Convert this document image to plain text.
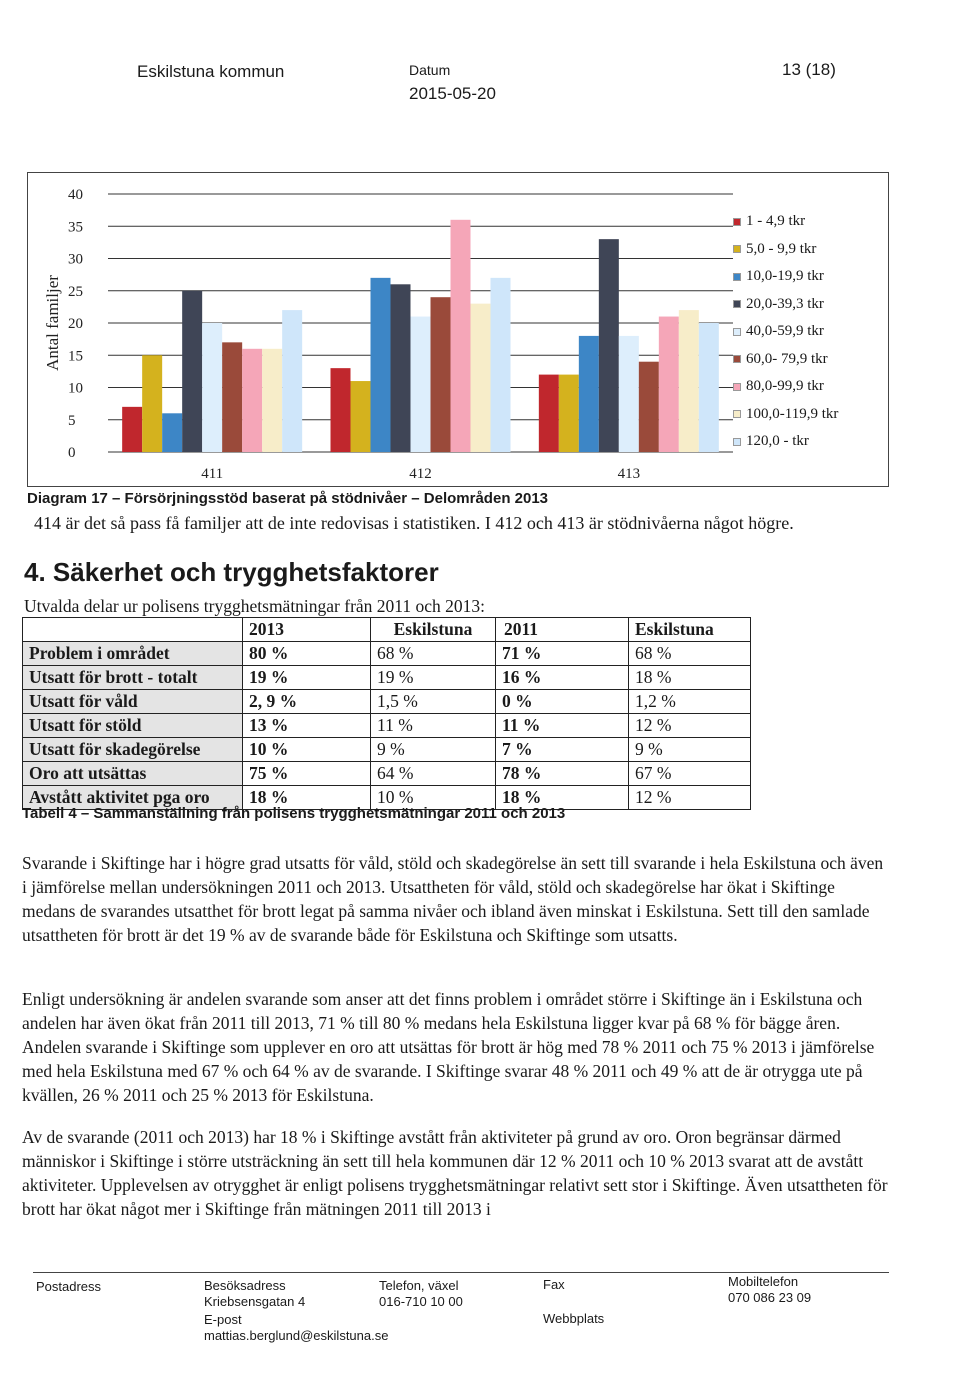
Eskilstuna kommun	Datum
2015-05-20
13 (18)
40
35
30
25
20
15
10
5
0
Antal familjer
411	412	413
1 - 4,9 tkr
5,0 - 9,9 tkr
10,0-19,9 tkr
20,0-39,3 tkr
40,0-59,9 tkr
60,0- 79,9 tkr
80,0-99,9 tkr
100,0-119,9 tkr
120,0 - tkr
Diagram 17 – Försörjningsstöd baserat på stödnivåer – Delområden 2013
414 är det så pass få familjer att de inte redovisas i statistiken. I 412 och 413 är stödnivåerna något högre.
4. Säkerhet och trygghetsfaktorer
Utvalda delar ur polisens trygghetsmätningar från 2011 och 2013:
	2013	Eskilstuna	2011	Eskilstuna
Problem i området	80 %	68 %	71 %	68 %
Utsatt för brott - totalt	19 %	19 %	16 %	18 %
Utsatt för våld	2, 9 %	1,5 %	0 %	1,2 %
Utsatt för stöld	13 %	11 %	11 %	12 %
Utsatt för skadegörelse	10 %	9 %	7 %	9 %
Oro att utsättas	75 %	64 %	78 %	67 %
Avstått aktivitet pga oro	18 %	10 %	18 %	12 %
Tabell 4 – Sammanställning från polisens trygghetsmätningar 2011 och 2013

Svarande i Skiftinge har i högre grad utsatts för våld, stöld och skadegörelse än sett till svarande i hela Eskilstuna och även i jämförelse mellan undersökningen 2011 och 2013. Utsattheten för våld, stöld och skadegörelse har ökat i Skiftinge medans de svarandes utsatthet för brott legat på samma nivåer och ibland även minskat i Eskilstuna. Sett till den samlade utsattheten för brott är det 19 % av de svarande både för Eskilstuna och Skiftinge som utsatts.

Enligt undersökning är andelen svarande som anser att det finns problem i området större i Skiftinge än i Eskilstuna och andelen har även ökat från 2011 till 2013, 71 % till 80 % medans hela Eskilstuna ligger kvar på 68 % för bägge åren. Andelen svarande i Skiftinge som upplever en oro att utsättas för brott är hög med 78 % 2011 och 75 % 2013 i jämförelse med hela Eskilstuna med 67 % och 64 % av de svarande. I Skiftinge svarar 48 % 2011 och 49 % att de är otrygga ute på kvällen, 26 % 2011 och 25 % 2013 för Eskilstuna.

Av de svarande (2011 och 2013) har 18 % i Skiftinge avstått från aktiviteter på grund av oro. Oron begränsar därmed människor i Skiftinge i större utsträckning än sett till hela kommunen där 12 % 2011 och 10 % 2013 svarat att de avstått aktiviteter. Upplevelsen av otrygghet är enligt polisens trygghetsmätningar relativt sett stor i Skiftinge. Även utsattheten för brott har ökat något mer i Skiftinge från mätningen 2011 till 2013 i

Postadress	Besöksadress
Kriebsensgatan 4
E-post
mattias.berglund@eskilstuna.se
Telefon, växel
016-710 10 00
Fax
Webbplats
Mobiltelefon
070 086 23 09
